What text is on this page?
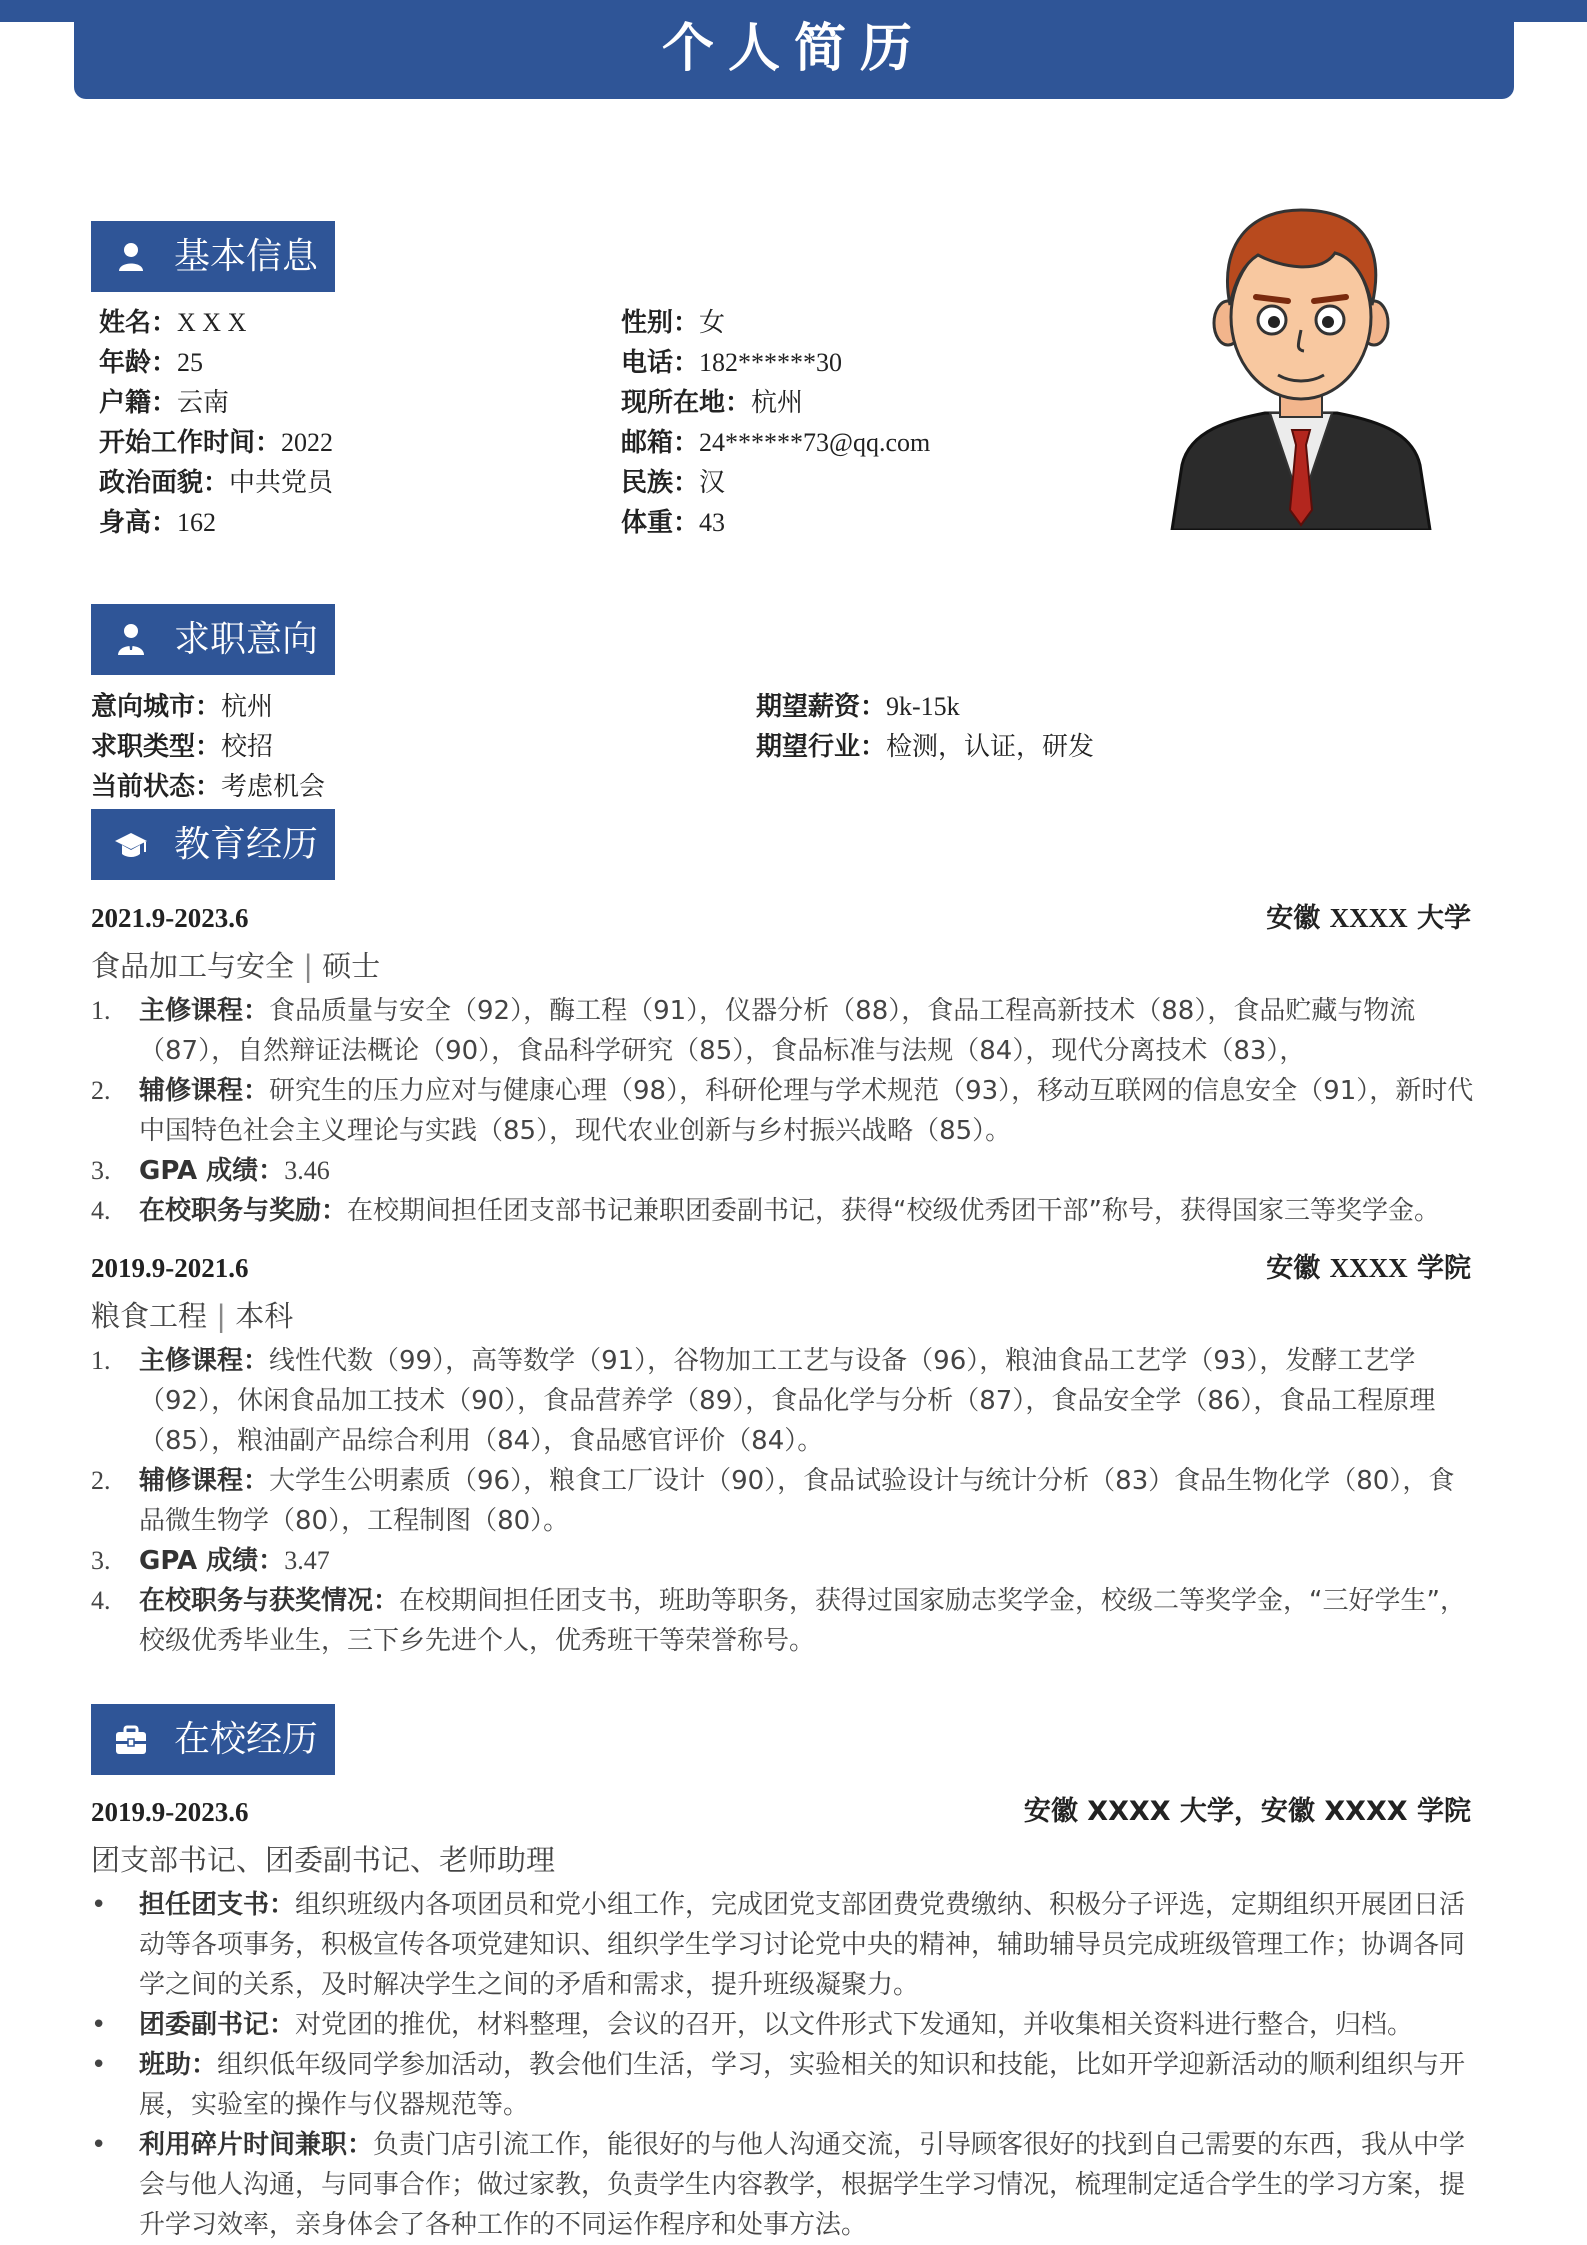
个人简历
基本信息
姓名：X X X	性别：女
年龄：25	电话：182******30
户籍：云南	现所在地：杭州
开始工作时间：2022	邮箱：24******73@qq.com
政治面貌：中共党员	民族：汉
身高：162	体重：43
求职意向
意向城市：杭州	期望薪资：9k-15k
求职类型：校招	期望行业：检测，认证，研发
当前状态：考虑机会
教育经历
2021.9-2023.6	安徽 XXXX 大学
食品加工与安全 | 硕士
1. 主修课程：食品质量与安全（92），酶工程（91），仪器分析（88），食品工程高新技术（88），食品贮藏与物流（87），自然辩证法概论（90），食品科学研究（85），食品标准与法规（84），现代分离技术（83），
2. 辅修课程：研究生的压力应对与健康心理（98），科研伦理与学术规范（93），移动互联网的信息安全（91），新时代中国特色社会主义理论与实践（85），现代农业创新与乡村振兴战略（85）。
3. GPA 成绩：3.46
4. 在校职务与奖励：在校期间担任团支部书记兼职团委副书记，获得“校级优秀团干部”称号，获得国家三等奖学金。
2019.9-2021.6	安徽 XXXX 学院
粮食工程 | 本科
1. 主修课程：线性代数（99），高等数学（91），谷物加工工艺与设备（96），粮油食品工艺学（93），发酵工艺学（92），休闲食品加工技术（90），食品营养学（89），食品化学与分析（87），食品安全学（86），食品工程原理（85），粮油副产品综合利用（84），食品感官评价（84）。
2. 辅修课程：大学生公明素质（96），粮食工厂设计（90），食品试验设计与统计分析（83）食品生物化学（80），食品微生物学（80），工程制图（80）。
3. GPA 成绩：3.47
4. 在校职务与获奖情况：在校期间担任团支书，班助等职务，获得过国家励志奖学金，校级二等奖学金，“三好学生”，校级优秀毕业生，三下乡先进个人，优秀班干等荣誉称号。
在校经历
2019.9-2023.6	安徽 XXXX 大学，安徽 XXXX 学院
团支部书记、团委副书记、老师助理
• 担任团支书：组织班级内各项团员和党小组工作，完成团党支部团费党费缴纳、积极分子评选，定期组织开展团日活动等各项事务，积极宣传各项党建知识、组织学生学习讨论党中央的精神，辅助辅导员完成班级管理工作；协调各同学之间的关系，及时解决学生之间的矛盾和需求，提升班级凝聚力。
• 团委副书记：对党团的推优，材料整理，会议的召开，以文件形式下发通知，并收集相关资料进行整合，归档。
• 班助：组织低年级同学参加活动，教会他们生活，学习，实验相关的知识和技能，比如开学迎新活动的顺利组织与开展，实验室的操作与仪器规范等。
• 利用碎片时间兼职：负责门店引流工作，能很好的与他人沟通交流，引导顾客很好的找到自己需要的东西，我从中学会与他人沟通，与同事合作；做过家教，负责学生内容教学，根据学生学习情况，梳理制定适合学生的学习方案，提升学习效率，亲身体会了各种工作的不同运作程序和处事方法。
